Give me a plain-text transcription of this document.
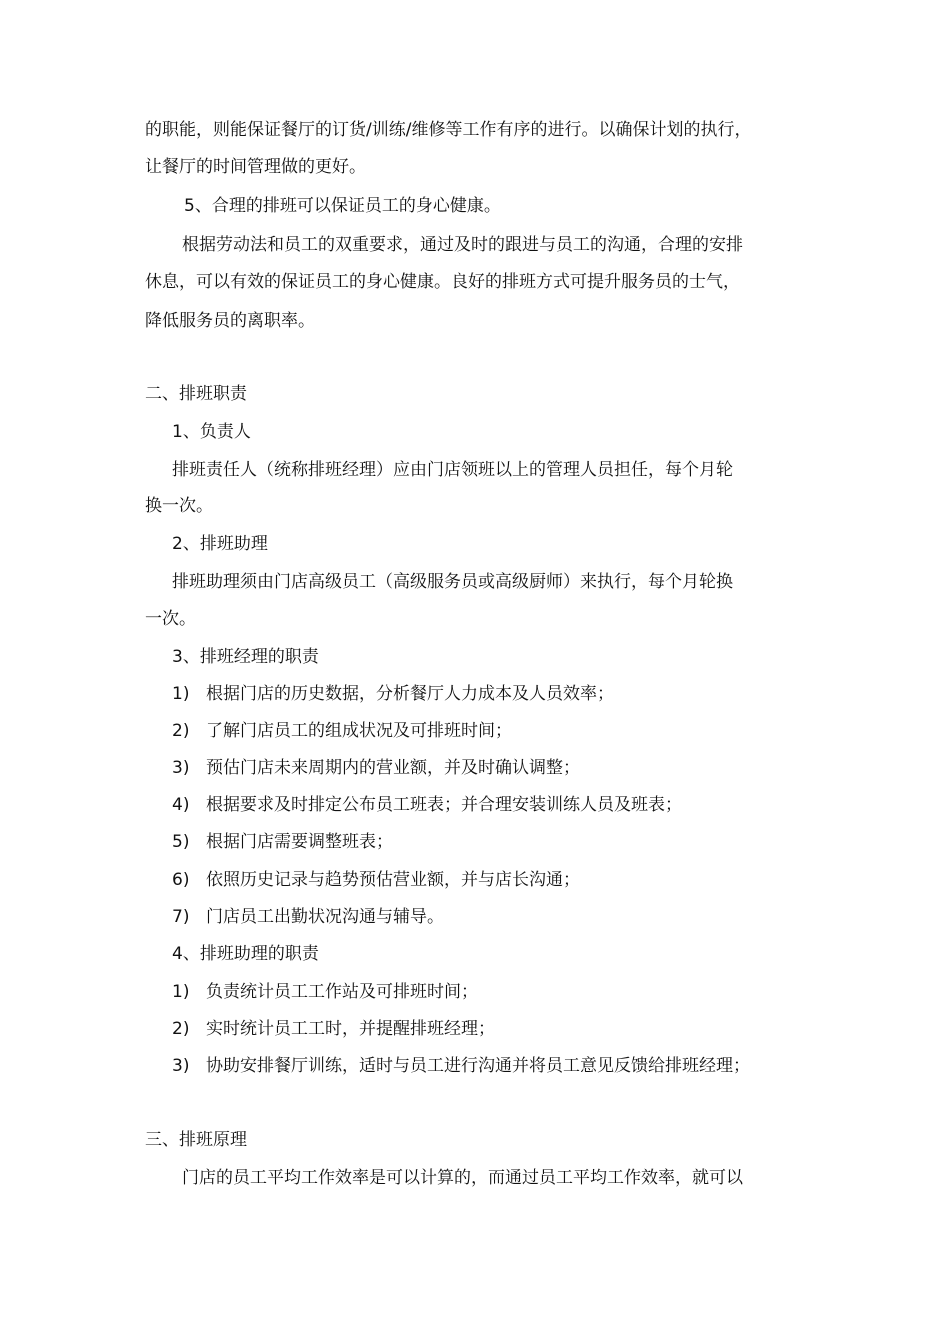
的职能，则能保证餐厅的订货/训练/维修等工作有序的进行。以确保计划的执行，
让餐厅的时间管理做的更好。
5、合理的排班可以保证员工的身心健康。
根据劳动法和员工的双重要求，通过及时的跟进与员工的沟通，合理的安排
休息，可以有效的保证员工的身心健康。良好的排班方式可提升服务员的士气，
降低服务员的离职率。
二、排班职责
1、负责人
排班责任人（统称排班经理）应由门店领班以上的管理人员担任，每个月轮
换一次。
2、排班助理
排班助理须由门店高级员工（高级服务员或高级厨师）来执行，每个月轮换
一次。
3、排班经理的职责
1) 根据门店的历史数据，分析餐厅人力成本及人员效率；
2) 了解门店员工的组成状况及可排班时间；
3) 预估门店未来周期内的营业额，并及时确认调整；
4) 根据要求及时排定公布员工班表；并合理安装训练人员及班表；
5) 根据门店需要调整班表；
6) 依照历史记录与趋势预估营业额，并与店长沟通；
7) 门店员工出勤状况沟通与辅导。
4、排班助理的职责
1) 负责统计员工工作站及可排班时间；
2) 实时统计员工工时，并提醒排班经理；
3) 协助安排餐厅训练，适时与员工进行沟通并将员工意见反馈给排班经理；
三、排班原理
门店的员工平均工作效率是可以计算的，而通过员工平均工作效率，就可以
